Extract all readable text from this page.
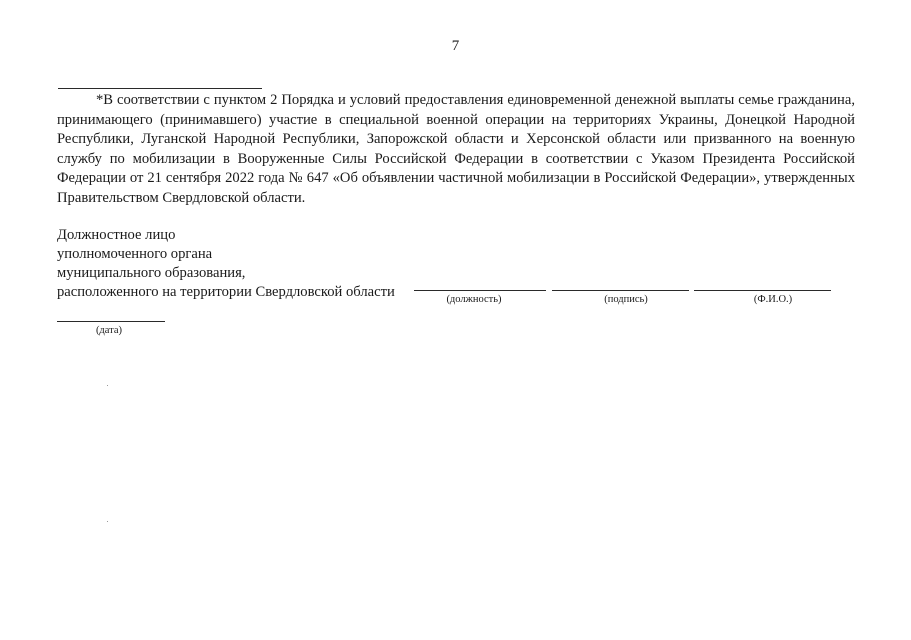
7

*В соответствии с пунктом 2 Порядка и условий предоставления единовременной денежной выплаты семье гражданина, принимающего (принимавшего) участие в специальной военной операции на территориях Украины, Донецкой Народной Республики, Луганской Народной Республики, Запорожской области и Херсонской области или призванного на военную службу по мобилизации в Вооруженные Силы Российской Федерации в соответствии с Указом Президента Российской Федерации от 21 сентября 2022 года № 647 «Об объявлении частичной мобилизации в Российской Федерации», утвержденных Правительством Свердловской области.

Должностное лицо
уполномоченного органа
муниципального образования,
расположенного на территории Свердловской области	(должность)	(подпись)	(Ф.И.О.)
(дата)
